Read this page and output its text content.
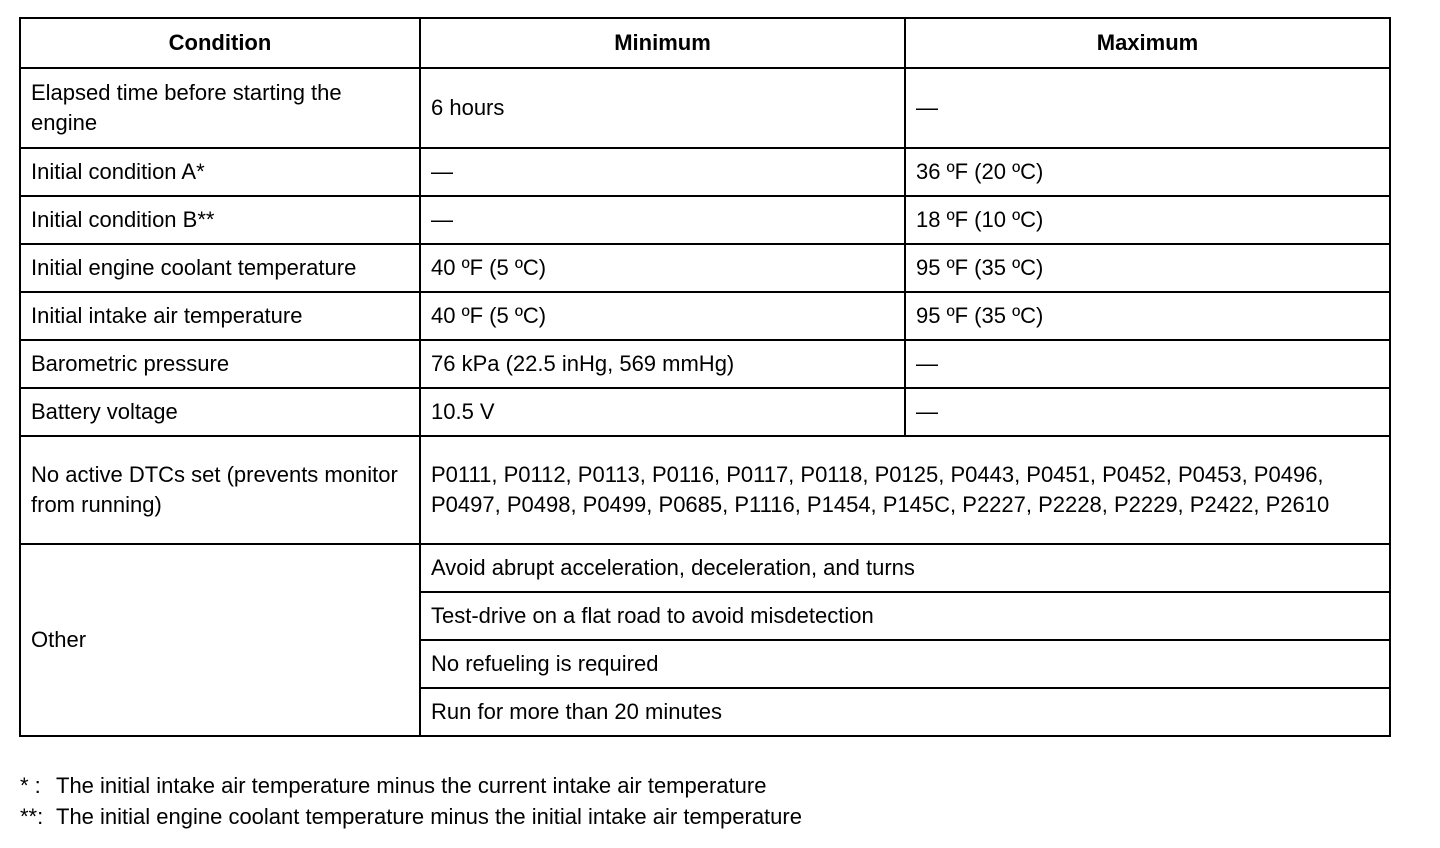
Condition	Minimum	Maximum
Elapsed time before starting the engine	6 hours	—
Initial condition A*	—	36 ºF (20 ºC)
Initial condition B**	—	18 ºF (10 ºC)
Initial engine coolant temperature	40 ºF (5 ºC)	95 ºF (35 ºC)
Initial intake air temperature	40 ºF (5 ºC)	95 ºF (35 ºC)
Barometric pressure	76 kPa (22.5 inHg, 569 mmHg)	—
Battery voltage	10.5 V	—
No active DTCs set (prevents monitor from running)	P0111, P0112, P0113, P0116, P0117, P0118, P0125, P0443, P0451, P0452, P0453, P0496, P0497, P0498, P0499, P0685, P1116, P1454, P145C, P2227, P2228, P2229, P2422, P2610	
Other	Avoid abrupt acceleration, deceleration, and turns	
	Test-drive on a flat road to avoid misdetection	
	No refueling is required	
	Run for more than 20 minutes	
* : The initial intake air temperature minus the current intake air temperature
**: The initial engine coolant temperature minus the initial intake air temperature
